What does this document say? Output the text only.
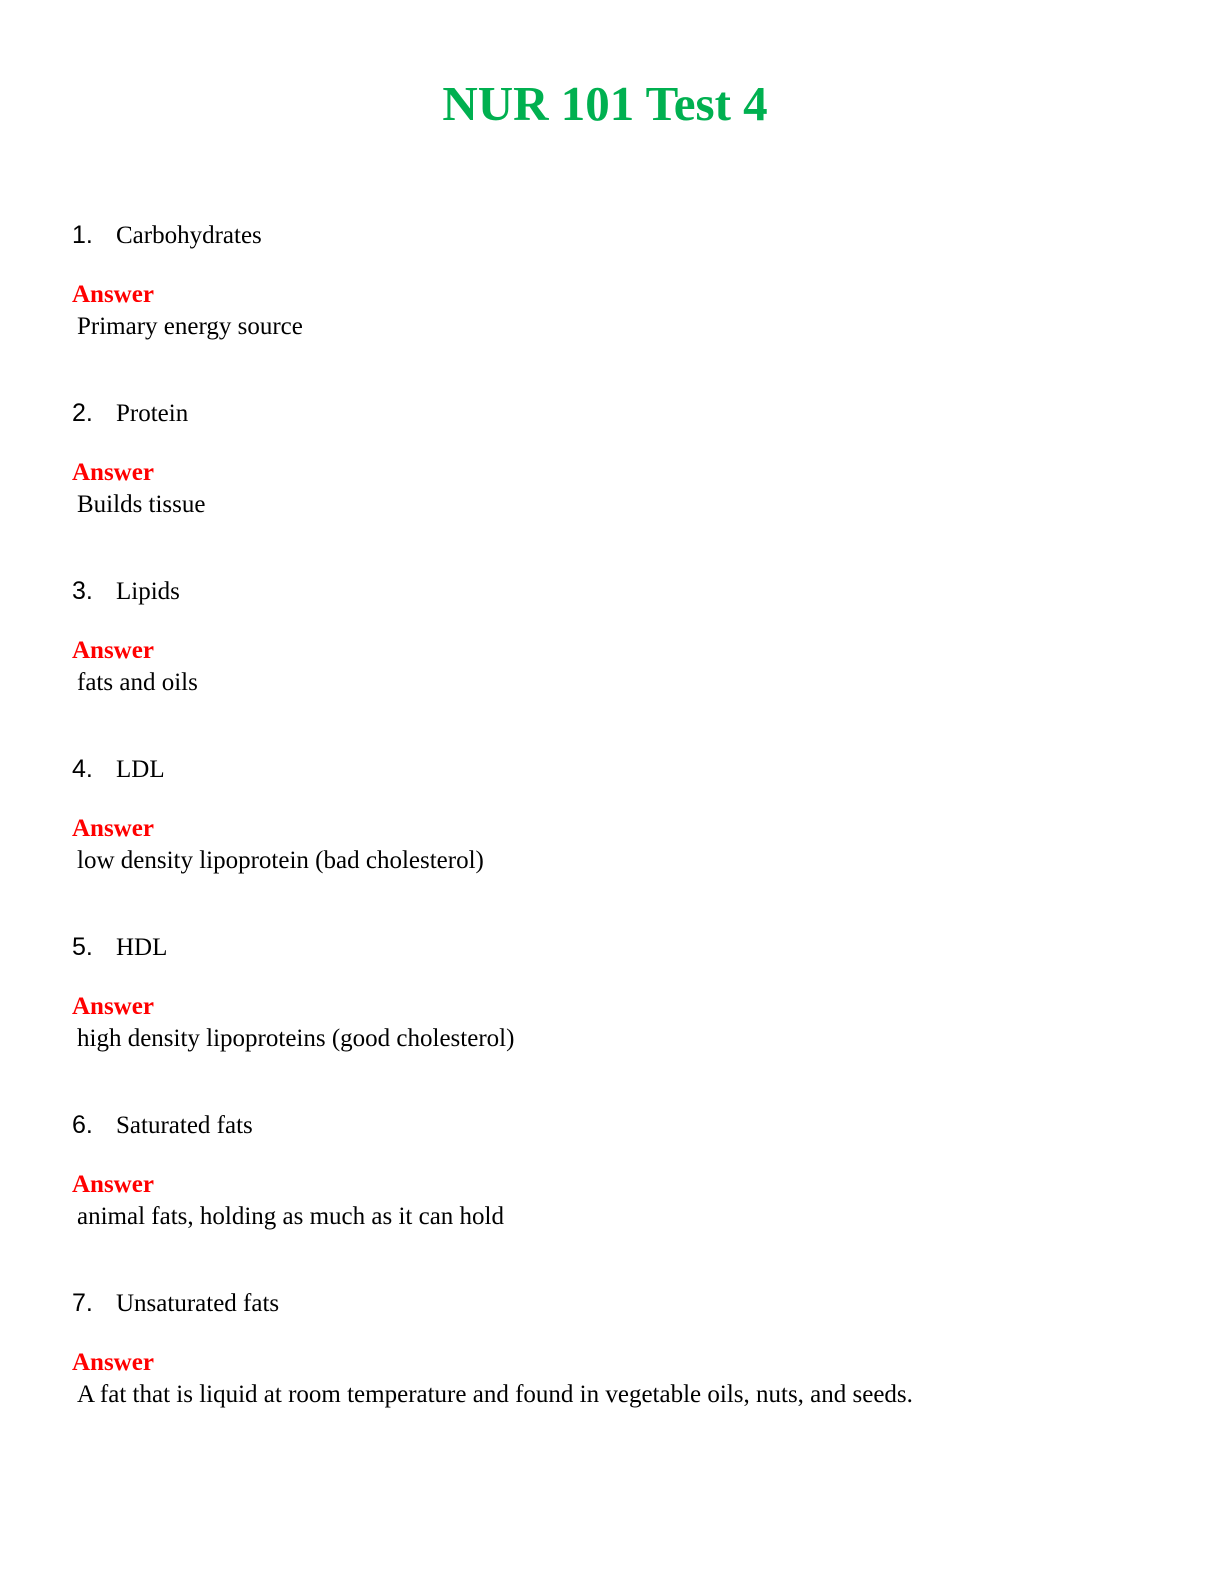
NUR 101 Test 4
1. Carbohydrates
Answer
Primary energy source
2. Protein
Answer
Builds tissue
3. Lipids
Answer
fats and oils
4. LDL
Answer
low density lipoprotein (bad cholesterol)
5. HDL
Answer
high density lipoproteins (good cholesterol)
6. Saturated fats
Answer
animal fats, holding as much as it can hold
7. Unsaturated fats
Answer
A fat that is liquid at room temperature and found in vegetable oils, nuts, and seeds.
